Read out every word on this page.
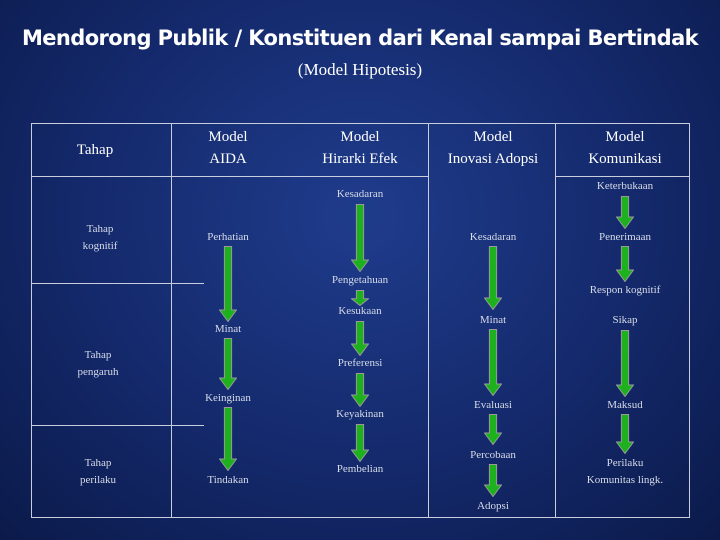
Mendorong Publik / Konstituen dari Kenal sampai Bertindak
(Model Hipotesis)
Tahap
Model
AIDA
Model
Hirarki Efek
Model
Inovasi Adopsi
Model
Komunikasi
Tahap
kognitif
Tahap
pengaruh
Tahap
perilaku
Perhatian
Minat
Keinginan
Tindakan
Kesadaran
Pengetahuan
Kesukaan
Preferensi
Keyakinan
Pembelian
Kesadaran
Minat
Evaluasi
Percobaan
Adopsi
Keterbukaan
Penerimaan
Respon kognitif
Sikap
Maksud
Perilaku
Komunitas lingk.
